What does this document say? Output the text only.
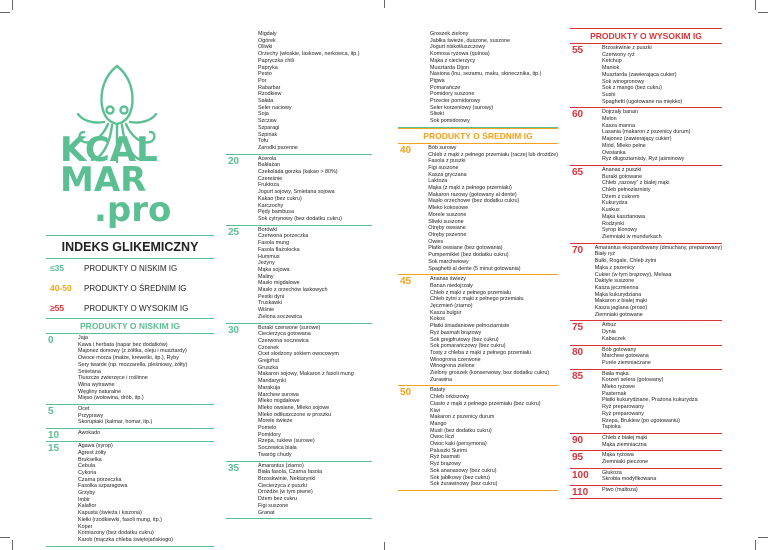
KCAL
MAR
.pro
INDEKS GLIKEMICZNY
≤35	PRODUKTY O NISKIM IG
40-50	PRODUKTY O ŚREDNIM IG
≥55	PRODUKTY O WYSOKIM IG
PRODUKTY O NISKIM IG
0	Jaja
Kawa i herbata (napar bez dodatków)
Majonez domowy (z żółtka, oleju i musztardy)
Owoce morza (małże, krewetki, itp.), Ryby
Sery twarde (np. mozzarella, pleśniowy, żółty)
Śmietana
Tłuszcze zwierzęce i roślinne
Wina wytrawne
Węgliny naturalne
Mięso (wołowina, drób, itp.)
5	Ocet
Przyprawy
Skorupiaki (kalmar, homar, itp.)
10	Awokado
15	Agawa (syrop)
Agrest żółty
Brukselka
Cebula
Cykoria
Czarna porzeczka
Fasolka szparagowa
Grzyby
Imbir
Kalafior
Kapusta (świeża i kiszona)
Kiełki (rzodkiewki, fasoli mung, itp.)
Koper
Korniszony (bez dodatku cukru)
Karob (mączka chleba świętojańskiego)
Migdały
Ogórek
Oliwki
Orzechy (włoskie, laskowe, nerkowca, itp.)
Papryczka chili
Papryka
Pesto
Por
Rabarbar
Rzodkiew
Sałata
Seler naciowy
Soja
Szczaw
Szparagi
Szpinak
Tofu
Zarodki pszenne
20	Acerola
Bakłażan
Czekolada gorzka (kakao > 80%)
Czereśnie
Fruktoza
Jogurt sojowy, Śmietana sojowa
Kakao (bez cukru)
Karczochy
Pędy bambusa
Sok cytrynowy (bez dodatku cukru)
25	Borówki
Czerwona porzeczka
Fasola mung
Fasola flażolecka
Hummus
Jeżyny
Mąka sojowa
Maliny
Masło migdałowe
Masło z orzechów laskowych
Pestki dyni
Truskawki
Wiśnie
Zielona soczewica
30	Buraki czerwone (surowe)
Ciecierzyca gotowana
Czerwona soczewica
Czosnek
Ocet słodzony sokiem owocowym
Grejpfrut
Gruszka
Makaron sojowy, Makaron z fasoli mung
Mandarynki
Marakuja
Marchew surowa
Mleko migdałowe
Mleko owsiane, Mleko sojowe
Mleko odtłuszczone w proszku
Morele świeże
Pomelo
Pomidory
Rzepa, rukiew (surowe)
Soczewica biała
Twaróg chudy
35	Amarantus (ziarno)
Biała fasola, Czarna fasola
Brzoskwinie, Nektarynki
Ciecierzyca z puszki
Drożdże (w tym piwne)
Dżem bez cukru
Figi suszone
Granat
Groszek zielony
Jabłka świeże, duszone, suszone
Jogurt niskotłuszczowy
Komosa ryżowa (quinoa)
Mąka z ciecierzycy
Musztarda Dijon
Nasiona (lnu, sezamu, maku, słonecznika, itp.)
Pigwa
Pomarańcze
Pomidory suszone
Przecier pomidorowy
Seler korzeniowy (surowy)
Śliwki
Sok pomidorowy
PRODUKTY O ŚREDNIM IG
40	Bób surowy
Chleb z mąki z pełnego przemiału (raczej lub drożdże)
Fasola z puszki
Figi suszone
Kasza gryczana
Laktoza
Mąka (z mąki z pełnego przemiału)
Makaron razowy (gotowany al dente)
Masło orzechowe (bez dodatku cukru)
Mleko kokosowe
Morele suszone
Śliwki suszone
Otręby owsiane
Otręby pszenne
Owies
Płatki owsiane (bez gotowania)
Pumpernikiel (bez dodatku cukru)
Sok marchwiowy
Spaghetti al dente (5 minut gotowania)
45	Ananas świeży
Banan niedojrzały
Chleb z mąki z pełnego przemiału
Chleb żytni z mąki z pełnego przemiału
Jęczmień (ziarno)
Kasza bulgur
Kokos
Płatki śniadaniowe pełnoziarniste
Ryż basmati brązowy
Sok grejpfrutowy (bez cukru)
Sok pomarańczowy (bez cukru)
Tosty z chleba z mąki z pełnego przemiału
Winogrona czerwone
Winogrona zielone
Zielony groszek (konserwowy, bez dodatku cukru)
Żurawina
50	Bataty
Chleb orkiszowy
Ciasto z mąki z pełnego przemiału (bez cukru)
Kiwi
Makaron z pszenicy durum
Mango
Musli (bez dodatku cukru)
Owoc liczi
Owoc kaki (persymona)
Paluszki Surimi
Ryż basmati
Ryż brązowy
Sok ananasowy (bez cukru)
Sok jabłkowy (bez cukru)
Sok żurawinowy (bez cukru)
PRODUKTY O WYSOKIM IG
55	Brzoskwinie z puszki
Czerwony ryż
Ketchup
Maniok
Musztarda (zawierająca cukier)
Sok winogronowy
Sok z mango (bez cukru)
Sushi
Spaghetti (ugotowane na miękko)
60	Dojrzały banan
Melon
Kasza manna
Lasania (makaron z pszenicy durum)
Majonez (zawierający cukier)
Miód, Mleko pełne
Owsianka
Ryż długoziarnisty, Ryż jaśminowy
65	Ananas z puszki
Buraki gotowane
Chleb „razowy” z białej mąki
Chleb pełnoziarnisty
Dżem z cukrem
Kukurydza
Kuskus
Mąka kasztanowa
Rodzynki
Syrop klonowy
Ziemniaki w mundurkach
70	Amarantus ekspandowany (dmuchany, preparowany)
Biały ryż
Bułki, Rogale, Chleb żytni
Mąka z pszenicy
Cukier (w tym brązowy), Melasa
Daktyle suszone
Kasza jęczmienna
Mąka kukurydziana
Makaron z białej mąki
Kasza jaglana (proso)
Ziemniaki gotowane
75	Arbuz
Dynia
Kabaczek
80	Bób gotowany
Marchew gotowana
Purée ziemniaczane
85	Biała mąka
Korzeń selera (gotowany)
Mleko ryżowe
Pasternak
Płatki kukurydziane, Prażona kukurydza
Ryż preparowany
Ryż preparowany
Rzepa, Brukiew (po ugotowaniu)
Tapioka
90	Chleb z białej mąki
Mąka ziemniaczna
95	Mąka ryżowa
Ziemniaki pieczone
100	Glukoza
Skrobia modyfikowana
110	Piwo (maltoza)
